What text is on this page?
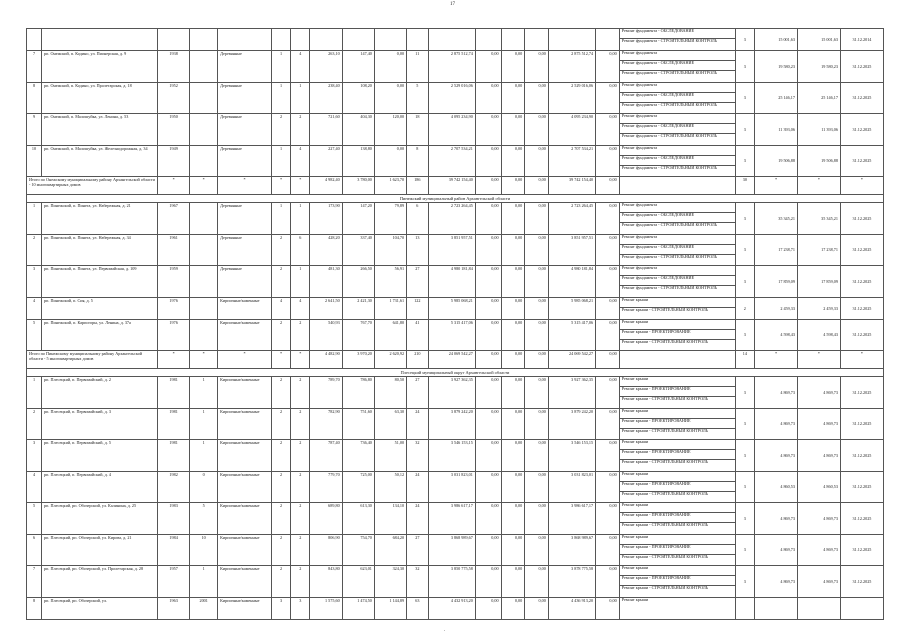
17

																	Ремонт фундамента - ОБСЛЕДОВАНИЕ
Ремонт фундамента - СТРОИТЕЛЬНЫЙ КОНТРОЛЬ	3	15 001,63	15 001,63	31.12.2014
7	рп. Онежский, п. Кодино, ул. Пионерская, д. 9	1938		Деревянные	1	4	263,10	147,40	0,00	11	2 875 512,74	0,00	0,00	0,00	2 875 512,74	0,00	Ремонт фундамента
Ремонт фундамента - ОБСЛЕДОВАНИЕ
Ремонт фундамента - СТРОИТЕЛЬНЫЙ КОНТРОЛЬ	3	19 580,23	19 580,23	31.12.2025
8	рп. Онежский, п. Кодино, ул. Пролетарская, д. 18	1952		Деревянные	1	1	238,40	108,20	0,00	5	2 529 016,06	0,00	0,00	0,00	2 529 016,06	0,00	Ремонт фундамента
Ремонт фундамента - ОБСЛЕДОВАНИЕ
Ремонт фундамента - СТРОИТЕЛЬНЫЙ КОНТРОЛЬ	3	25 146,17	25 146,17	31.12.2025
9	рп. Онежский, п. Малошуйка, ул. Ленина, д. 53	1950		Деревянные	2	2	721,60	404,30	120,00	18	4 095 234,90	0,00	0,00	0,00	4 095 234,90	0,00	Ремонт фундамента
Ремонт фундамента - ОБСЛЕДОВАНИЕ
Ремонт фундамента - СТРОИТЕЛЬНЫЙ КОНТРОЛЬ	3	11 393,06	11 393,06	31.12.2025
10	рп. Онежский, п. Малошуйка, ул. Железнодорожная, д. 34	1949		Деревянные	1	4	227,40	138,80	0,00	8	2 707 534,21	0,00	0,00	0,00	2 707 534,21	0,00	Ремонт фундамента
Ремонт фундамента - ОБСЛЕДОВАНИЕ
Ремонт фундамента - СТРОИТЕЛЬНЫЙ КОНТРОЛЬ	3	19 506,88	19 506,88	31.12.2025
Итого по Онежскому муниципальному району Архангельской области - 10 многоквартирных домов		*	*	*	*	*	4 982,40	3 780,00	1 623,70	186	39 742 154,40	0,00	0,00	0,00	39 742 154,40	0,00		30	*	*	*
Пинежский муниципальный район Архангельской области																					
1	рп. Пинежский, п. Пинега, ул. Набережная, д. 21	1967		Деревянные	1	1	173,90	147,20	79,89	6	2 723 264,45	0,00	0,00	0,00	2 723 264,45	0,00	Ремонт фундамента
Ремонт фундамента - ОБСЛЕДОВАНИЕ
Ремонт фундамента - СТРОИТЕЛЬНЫЙ КОНТРОЛЬ	3	35 345,21	35 345,21	31.12.2025
2	рп. Пинежский, п. Пинега, ул. Набережная, д. 34	1961		Деревянные	2	6	428,20	337,40	104,70	13	3 851 957,51	0,00	0,00	0,00	3 851 957,51	0,00	Ремонт фундамента
Ремонт фундамента - ОБСЛЕДОВАНИЕ
Ремонт фундамента - СТРОИТЕЛЬНЫЙ КОНТРОЛЬ	3	17 238,71	17 238,71	31.12.2025
3	рп. Пинежский, п. Пинега, ул. Первомайская, д. 109	1959		Деревянные	2	1	481,30	266,50	56,91	27	4 980 181,84	0,00	0,00	0,00	4 980 181,84	0,00	Ремонт фундамента
Ремонт фундамента - ОБСЛЕДОВАНИЕ
Ремонт фундамента - СТРОИТЕЛЬНЫЙ КОНТРОЛЬ	3	17 859,09	17 859,09	31.12.2025
4	рп. Пинежский, п. Сия, д. 5	1976		Кирпичные/каменные	4	4	2 641,50	2 421,30	1 731,61	122	5 985 068,21	0,00	0,00	0,00	5 985 068,21	0,00	Ремонт крыши
Ремонт крыши - СТРОИТЕЛЬНЫЙ КОНТРОЛЬ	2	2 459,33	2 459,33	31.12.2025
5	рп. Пинежский, п. Карпогоры, ул. Ленина, д. 37а	1976		Кирпичные/каменные	2	2	540,93	767,70	641,80	41	5 315 417,06	0,00	0,00	0,00	5 315 417,06	0,00	Ремонт крыши
Ремонт крыши - ПРОЕКТИРОВАНИЕ
Ремонт крыши - СТРОИТЕЛЬНЫЙ КОНТРОЛЬ	3	4 598,43	4 598,43	31.12.2025
Итого по Пинежскому муниципальному району Архангельской области - 5 многоквартирных домов		*	*	*	*	*	4 482,90	3 970,20	2 620,92	210	24 069 542,27	0,00	0,00	0,00	24 069 542,27	0,00		14	*	*	*
Плесецкий муниципальный округ Архангельской области																					
1	рп. Плесецкий, п. Первомайский, д. 2	1981	1	Кирпичные/каменные	2	2	789,70	786,80	80,50	27	3 927 362,35	0,00	0,00	0,00	3 927 362,35	0,00	Ремонт крыши
Ремонт крыши - ПРОЕКТИРОВАНИЕ
Ремонт крыши - СТРОИТЕЛЬНЫЙ КОНТРОЛЬ	3	4 869,73	4 869,73	31.12.2025
2	рп. Плесецкий, п. Первомайский, д. 3	1981	1	Кирпичные/каменные	2	2	782,90	751,60	63,30	24	3 879 242,20	0,00	0,00	0,00	3 879 242,20	0,00	Ремонт крыши
Ремонт крыши - ПРОЕКТИРОВАНИЕ
Ремонт крыши - СТРОИТЕЛЬНЫЙ КОНТРОЛЬ	3	4 869,73	4 869,73	31.12.2025
3	рп. Плесецкий, п. Первомайский, д. 5	1981	1	Кирпичные/каменные	2	2	787,40	736,40	51,00	32	3 546 153,15	0,00	0,00	0,00	3 546 153,15	0,00	Ремонт крыши
Ремонт крыши - ПРОЕКТИРОВАНИЕ
Ремонт крыши - СТРОИТЕЛЬНЫЙ КОНТРОЛЬ	3	4 869,73	4 869,73	31.12.2025
4	рп. Плесецкий, п. Первомайский, д. 4	1982	0	Кирпичные/каменные	2	2	779,70	725,00	50,12	24	3 031 823,01	0,00	0,00	0,00	3 031 823,01	0,00	Ремонт крыши
Ремонт крыши - ПРОЕКТИРОВАНИЕ
Ремонт крыши - СТРОИТЕЛЬНЫЙ КОНТРОЛЬ	3	4 860,53	4 860,53	31.12.2025
5	рп. Плесецкий, рп. Обозерский, ул. Калинина, д. 25	1983	5	Кирпичные/каменные	2	2	689,80	613,30	134,10	24	3 986 617,17	0,00	0,00	0,00	3 986 617,17	0,00	Ремонт крыши
Ремонт крыши - ПРОЕКТИРОВАНИЕ
Ремонт крыши - СТРОИТЕЛЬНЫЙ КОНТРОЛЬ	3	4 869,73	4 869,73	31.12.2025
6	рп. Плесецкий, рп. Обозерский, ул. Кирова, д. 21	1984	10	Кирпичные/каменные	2	2	806,90	754,70	684,20	27	3 868 989,67	0,00	0,00	0,00	3 868 989,67	0,00	Ремонт крыши
Ремонт крыши - ПРОЕКТИРОВАНИЕ
Ремонт крыши - СТРОИТЕЛЬНЫЙ КОНТРОЛЬ	3	4 869,73	4 869,73	31.12.2025
7	рп. Плесецкий, рп. Обозерский, ул. Пролетарская, д. 28	1957	1	Кирпичные/каменные	2	2	843,80	623,01	324,30	32	3 850 775,58	0,00	0,00	0,00	3 878 775,58	0,00	Ремонт крыши
Ремонт крыши - ПРОЕКТИРОВАНИЕ
Ремонт крыши - СТРОИТЕЛЬНЫЙ КОНТРОЛЬ	3	4 869,73	4 869,73	31.12.2025
8	рп. Плесецкий, рп. Обозерский, ул.	1963	2001	Кирпичные/каменные	3	3	1 575,60	1 474,50	1 144,89	63	4 432 913,20	0,00	0,00	0,00	4 436 913,20	0,00	Ремонт крыши				

.
